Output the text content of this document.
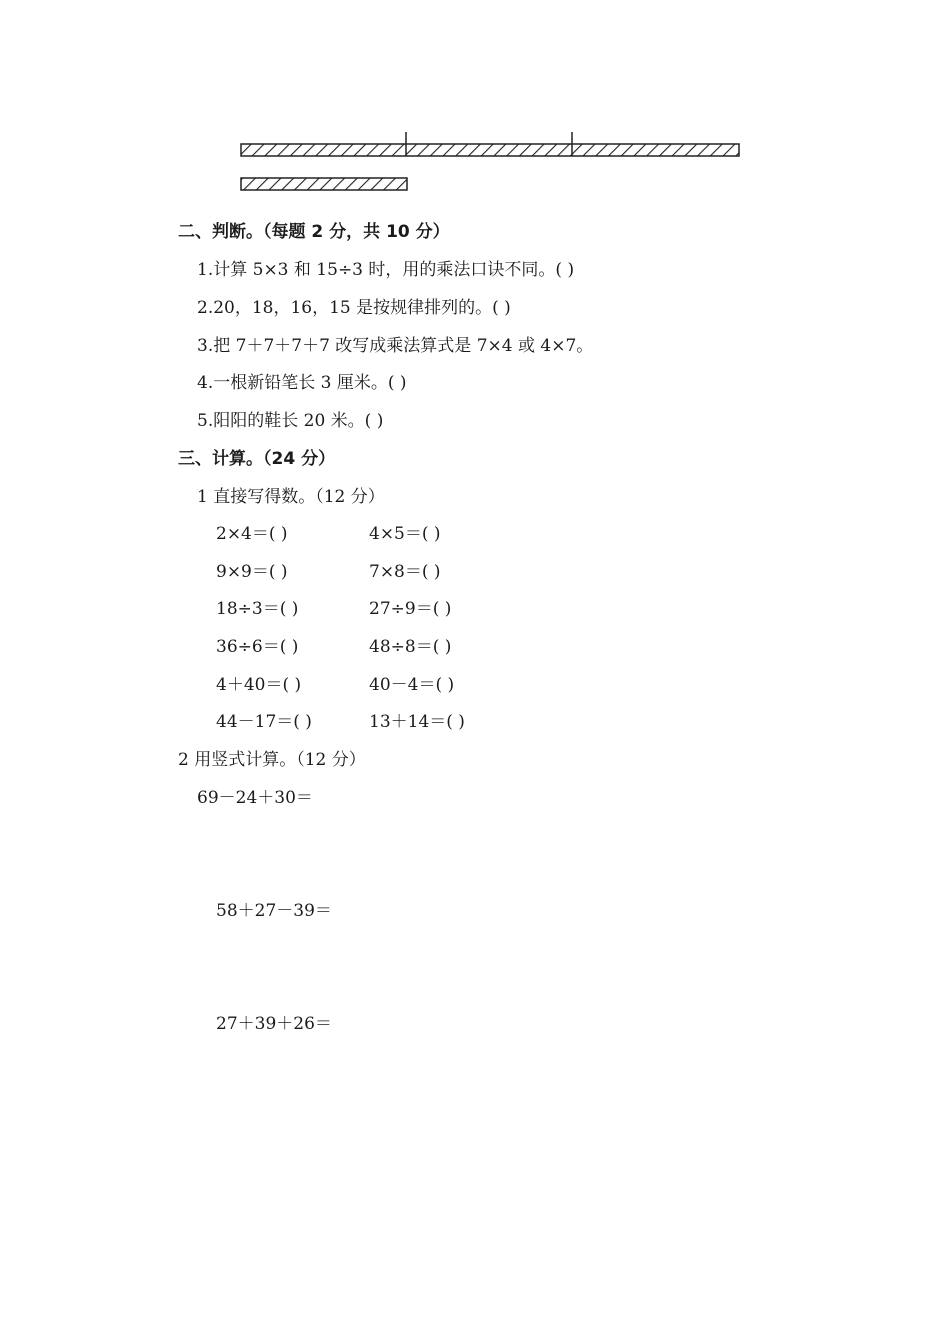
二、判断。（每题 2 分，共 10 分）
1.计算 5×3 和 15÷3 时，用的乘法口诀不同。( )
2.20，18，16，15 是按规律排列的。( )
3.把 7＋7＋7＋7 改写成乘法算式是 7×4 或 4×7。
4.一根新铅笔长 3 厘米。( )
5.阳阳的鞋长 20 米。( )
三、计算。（24 分）
1 直接写得数。（12 分）
2×4＝( )	4×5＝( )
9×9＝( )	7×8＝( )
18÷3＝( )	27÷9＝( )
36÷6＝( )	48÷8＝( )
4＋40＝( )	40－4＝( )
44－17＝( )	13＋14＝( )
2 用竖式计算。（12 分）
69－24＋30＝
58＋27－39＝
27＋39＋26＝
